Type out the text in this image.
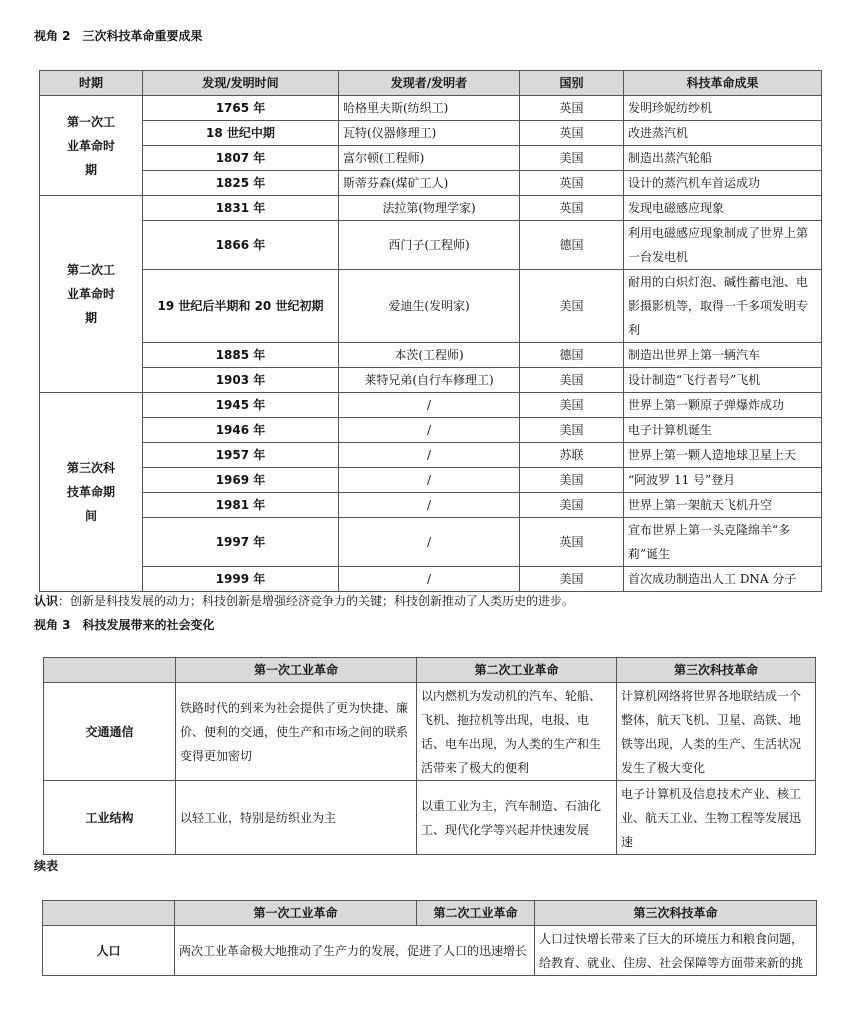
视角 2　三次科技革命重要成果
时期	发现/发明时间	发现者/发明者	国别	科技革命成果
第一次工业革命时期	1765 年	哈格里夫斯(纺织工)	英国	发明珍妮纺纱机
	18 世纪中期	瓦特(仪器修理工)	英国	改进蒸汽机
	1807 年	富尔顿(工程师)	美国	制造出蒸汽轮船
	1825 年	斯蒂芬森(煤矿工人)	英国	设计的蒸汽机车首运成功
第二次工业革命时期	1831 年	法拉第(物理学家)	英国	发现电磁感应现象
	1866 年	西门子(工程师)	德国	利用电磁感应现象制成了世界上第一台发电机
	19 世纪后半期和 20 世纪初期	爱迪生(发明家)	美国	耐用的白炽灯泡、碱性蓄电池、电影摄影机等，取得一千多项发明专利
	1885 年	本茨(工程师)	德国	制造出世界上第一辆汽车
	1903 年	莱特兄弟(自行车修理工)	美国	设计制造“飞行者号”飞机
第三次科技革命期间	1945 年	/	美国	世界上第一颗原子弹爆炸成功
	1946 年	/	美国	电子计算机诞生
	1957 年	/	苏联	世界上第一颗人造地球卫星上天
	1969 年	/	美国	“阿波罗 11 号”登月
	1981 年	/	美国	世界上第一架航天飞机升空
	1997 年	/	英国	宣布世界上第一头克隆绵羊“多莉”诞生
	1999 年	/	美国	首次成功制造出人工 DNA 分子
认识：创新是科技发展的动力；科技创新是增强经济竞争力的关键；科技创新推动了人类历史的进步。
视角 3　科技发展带来的社会变化
	第一次工业革命	第二次工业革命	第三次科技革命
交通通信	铁路时代的到来为社会提供了更为快捷、廉价、便利的交通，使生产和市场之间的联系变得更加密切	以内燃机为发动机的汽车、轮船、飞机、拖拉机等出现，电报、电话、电车出现，为人类的生产和生活带来了极大的便利	计算机网络将世界各地联结成一个整体，航天飞机、卫星、高铁、地铁等出现，人类的生产、生活状况发生了极大变化
工业结构	以轻工业，特别是纺织业为主	以重工业为主，汽车制造、石油化工、现代化学等兴起并快速发展	电子计算机及信息技术产业、核工业、航天工业、生物工程等发展迅速
续表
	第一次工业革命	第二次工业革命	第三次科技革命
人口	两次工业革命极大地推动了生产力的发展，促进了人口的迅速增长		人口过快增长带来了巨大的环境压力和粮食问题，给教育、就业、住房、社会保障等方面带来新的挑
